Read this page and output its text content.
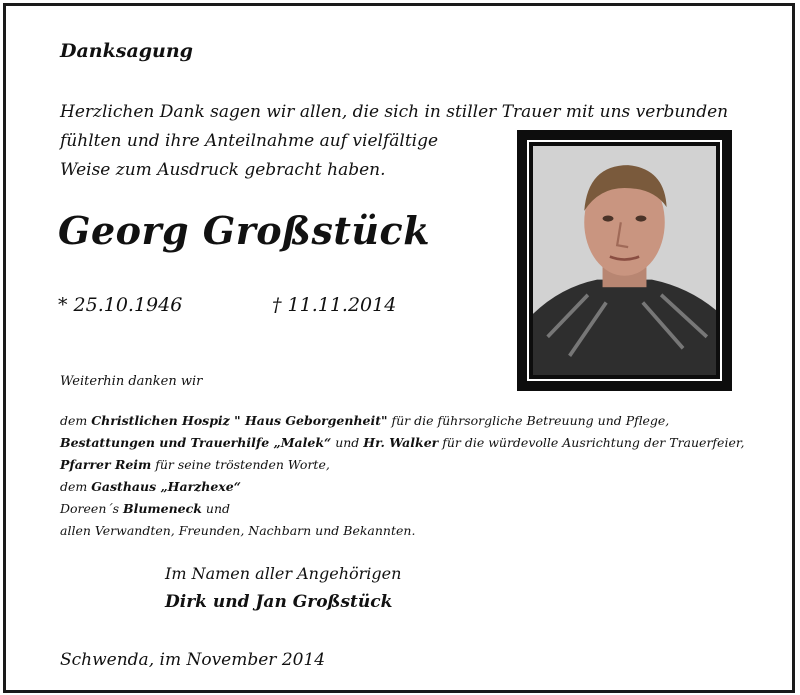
Danksagung
Herzlichen Dank sagen wir allen, die sich in stiller Trauer mit uns verbunden
fühlten und ihre Anteilnahme auf vielfältige
Weise zum Ausdruck gebracht haben.
Georg Großstück
* 25.10.1946	† 11.11.2014
Weiterhin danken wir
dem Christlichen Hospiz " Haus Geborgenheit" für die führsorgliche Betreuung und Pflege,
Bestattungen und Trauerhilfe „Malek“ und Hr. Walker für die würdevolle Ausrichtung der Trauerfeier,
Pfarrer Reim für seine tröstenden Worte,
dem Gasthaus „Harzhexe“
Doreen´s Blumeneck und
allen Verwandten, Freunden, Nachbarn und Bekannten.
Im Namen aller Angehörigen
Dirk und Jan Großstück
Schwenda, im November 2014
